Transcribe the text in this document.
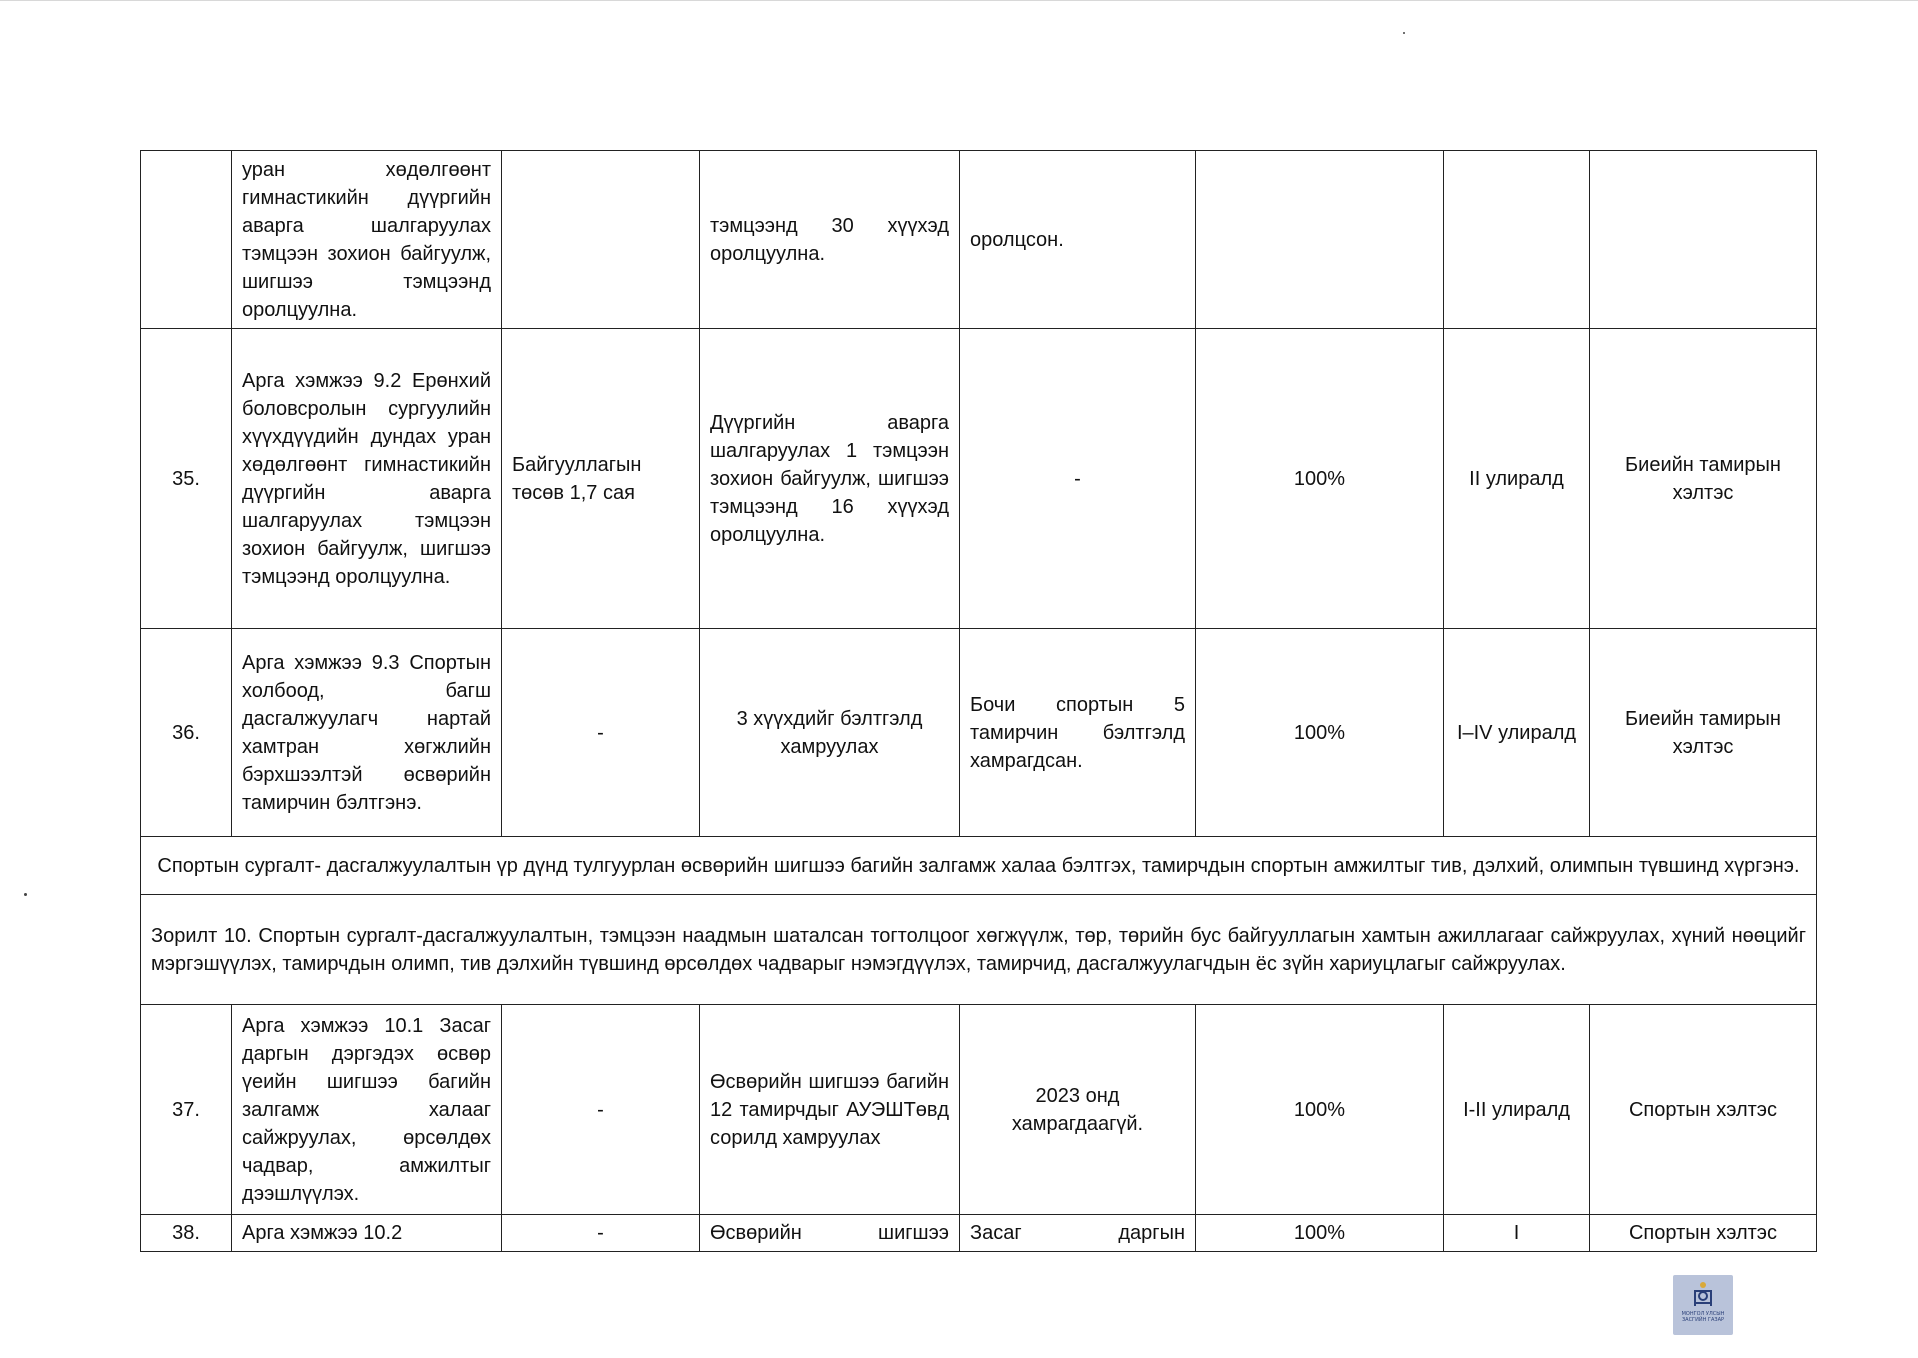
	уран хөдөлгөөнт гимнастикийн дүүргийн аварга шалгаруулах тэмцээн зохион байгуулж, шигшээ тэмцээнд оролцуулна.		тэмцээнд 30 хүүхэд оролцуулна.	оролцсон.			
35.	Арга хэмжээ 9.2 Ерөнхий боловсролын сургуулийн хүүхдүүдийн дундах уран хөдөлгөөнт гимнастикийн дүүргийн аварга шалгаруулах тэмцээн зохион байгуулж, шигшээ тэмцээнд оролцуулна.	Байгууллагын төсөв 1,7 сая	Дүүргийн аварга шалгаруулах 1 тэмцээн зохион байгуулж, шигшээ тэмцээнд 16 хүүхэд оролцуулна.	-	100%	II улиралд	Биеийн тамирын хэлтэс
36.	Арга хэмжээ 9.3 Спортын холбоод, багш дасгалжуулагч нартай хамтран хөгжлийн бэрхшээлтэй өсвөрийн тамирчин бэлтгэнэ.	-	3 хүүхдийг бэлтгэлд хамруулах	Бочи спортын 5 тамирчин бэлтгэлд хамрагдсан.	100%	I–IV улиралд	Биеийн тамирын хэлтэс
Спортын сургалт- дасгалжуулалтын үр дүнд тулгуурлан өсвөрийн шигшээ багийн залгамж халаа бэлтгэх, тамирчдын спортын амжилтыг тив, дэлхий, олимпын түвшинд хүргэнэ.							
Зорилт 10. Спортын сургалт-дасгалжуулалтын, тэмцээн наадмын шаталсан тогтолцоог хөгжүүлж, төр, төрийн бус байгууллагын хамтын ажиллагааг сайжруулах, хүний нөөцийг мэргэшүүлэх, тамирчдын олимп, тив дэлхийн түвшинд өрсөлдөх чадварыг нэмэгдүүлэх, тамирчид, дасгалжуулагчдын ёс зүйн хариуцлагыг сайжруулах.							
37.	Арга хэмжээ 10.1 Засаг даргын дэргэдэх өсвөр үеийн шигшээ багийн залгамж халааг сайжруулах, өрсөлдөх чадвар, амжилтыг дээшлүүлэх.	-	Өсвөрийн шигшээ багийн 12 тамирчдыг АУЭШТөвд сорилд хамруулах	2023 онд хамрагдаагүй.	100%	I-II улиралд	Спортын хэлтэс
38.	Арга хэмжээ 10.2	-	Өсвөрийн шигшээ	Засаг даргын	100%	I	Спортын хэлтэс
МОНГОЛ УЛСЫН ЗАСГИЙН ГАЗАР
